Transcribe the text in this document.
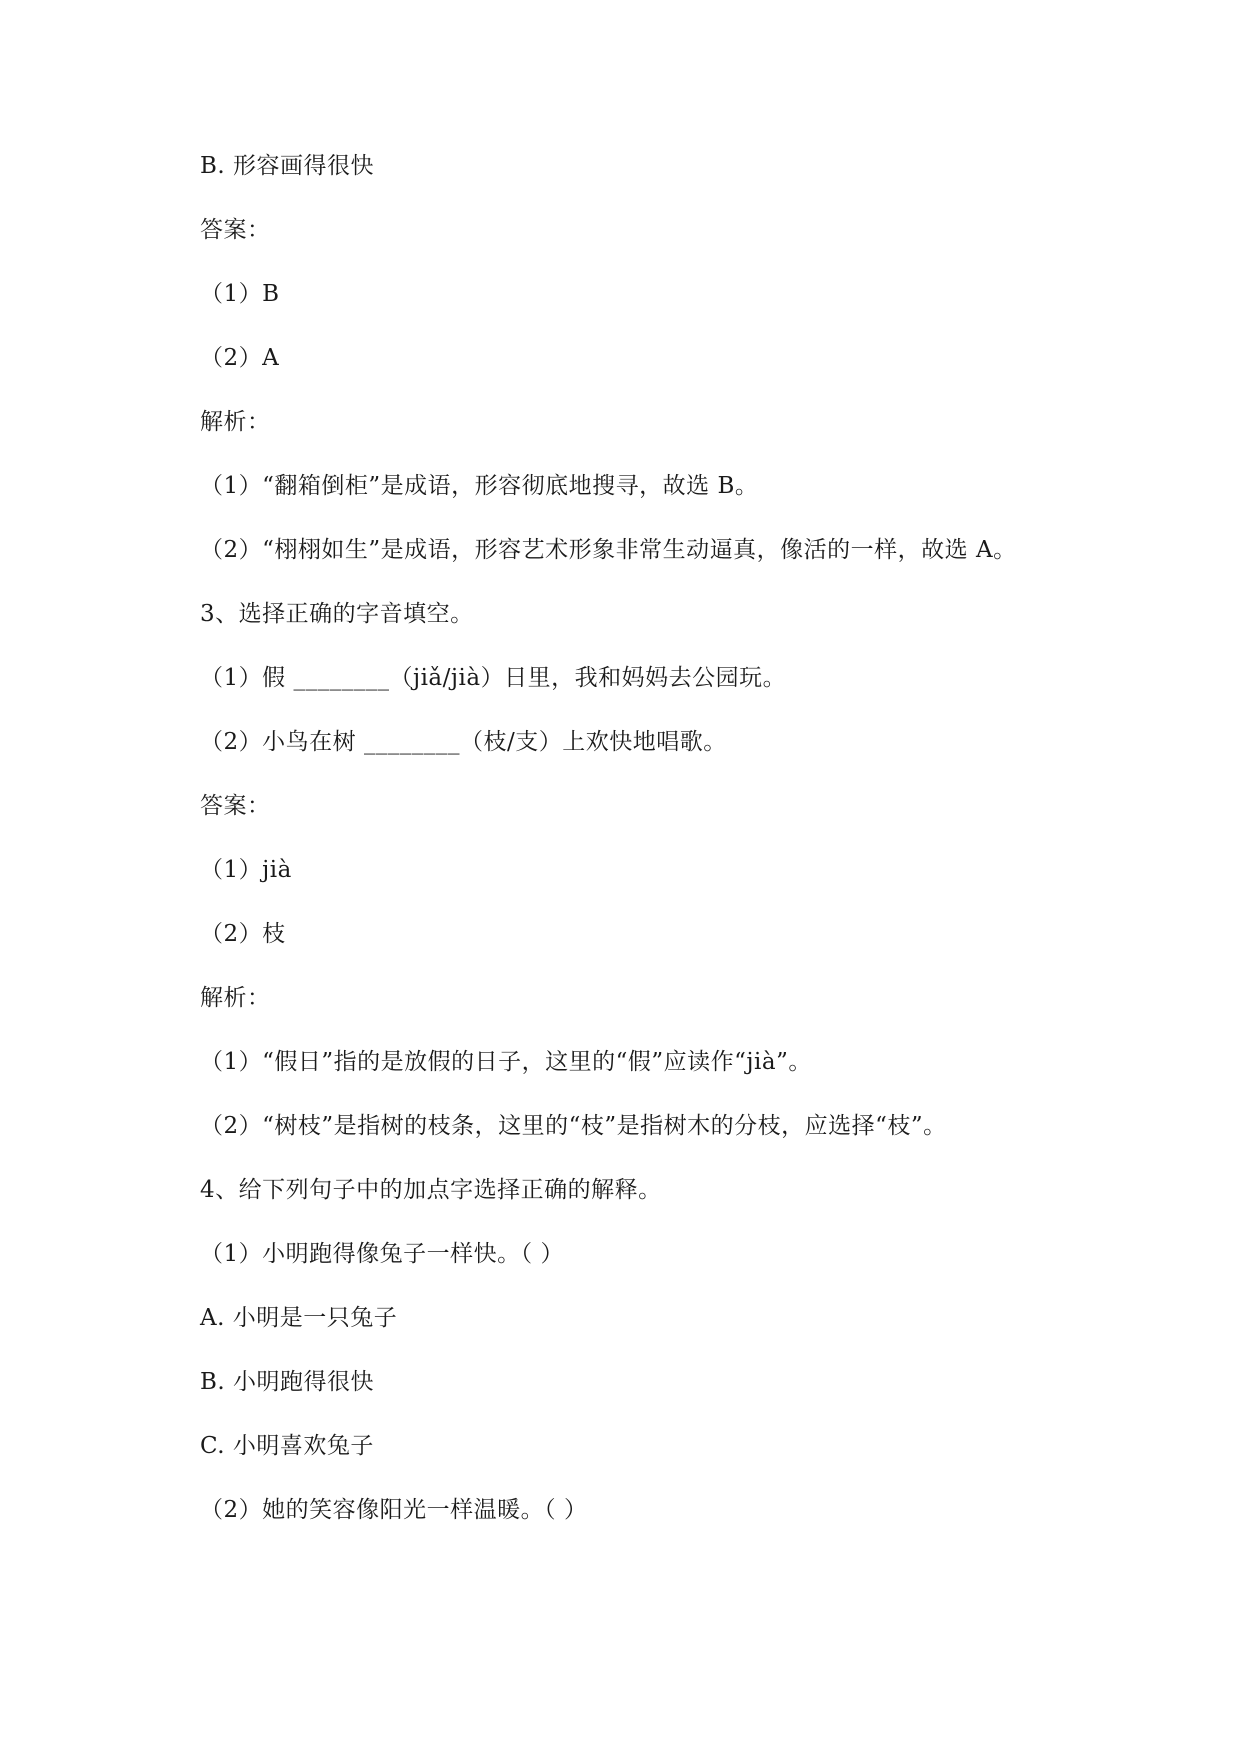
B. 形容画得很快
答案：
（1）B
（2）A
解析：
（1）“翻箱倒柜”是成语，形容彻底地搜寻，故选 B。
（2）“栩栩如生”是成语，形容艺术形象非常生动逼真，像活的一样，故选 A。
3、选择正确的字音填空。
（1）假 ________（jiǎ/jià）日里，我和妈妈去公园玩。
（2）小鸟在树 ________（枝/支）上欢快地唱歌。
答案：
（1）jià
（2）枝
解析：
（1）“假日”指的是放假的日子，这里的“假”应读作“jià”。
（2）“树枝”是指树的枝条，这里的“枝”是指树木的分枝，应选择“枝”。
4、给下列句子中的加点字选择正确的解释。
（1）小明跑得像兔子一样快。（ ）
A. 小明是一只兔子
B. 小明跑得很快
C. 小明喜欢兔子
（2）她的笑容像阳光一样温暖。（ ）
